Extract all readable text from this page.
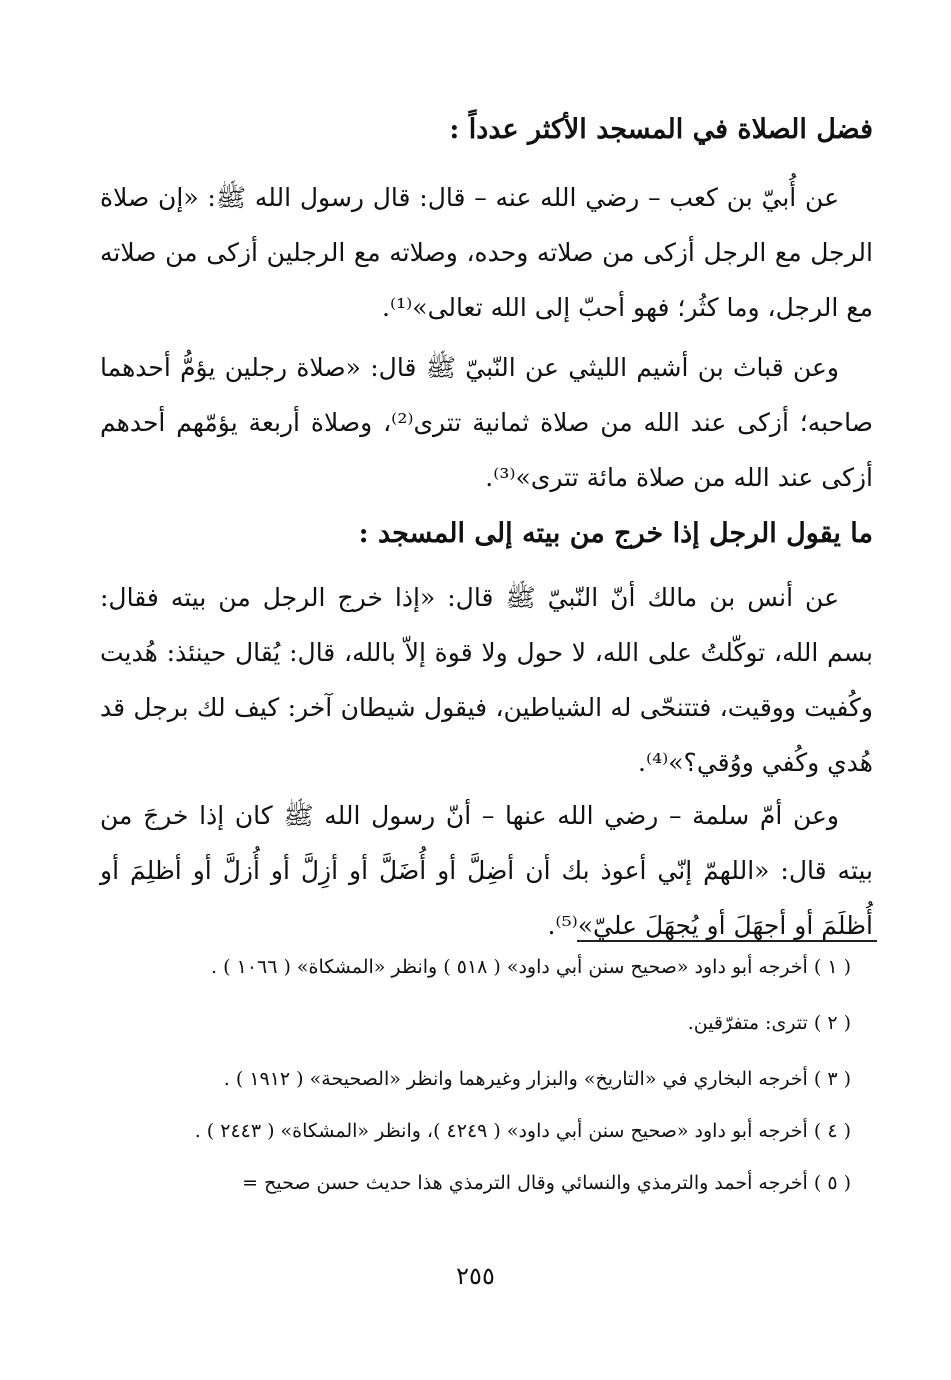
فضل الصلاة في المسجد الأكثر عدداً :
عن أُبيّ بن كعب – رضي الله عنه – قال: قال رسول الله ﷺ: «إن صلاة الرجل مع الرجل أزكى من صلاته وحده، وصلاته مع الرجلين أزكى من صلاته مع الرجل، وما كثُر؛ فهو أحبّ إلى الله تعالى»⁽¹⁾.
وعن قباث بن أشيم الليثي عن النّبيّ ﷺ قال: «صلاة رجلين يؤمُّ أحدهما صاحبه؛ أزكى عند الله من صلاة ثمانية تترى⁽²⁾، وصلاة أربعة يؤمّهم أحدهم أزكى عند الله من صلاة مائة تترى»⁽³⁾.
ما يقول الرجل إذا خرج من بيته إلى المسجد :
عن أنس بن مالك أنّ النّبيّ ﷺ قال: «إذا خرج الرجل من بيته فقال: بسم الله، توكّلتُ على الله، لا حول ولا قوة إلاّ بالله، قال: يُقال حينئذ: هُديت وكُفيت ووقيت، فتتنحّى له الشياطين، فيقول شيطان آخر: كيف لك برجل قد هُدي وكُفي ووُقي؟»⁽⁴⁾.
وعن أمّ سلمة – رضي الله عنها – أنّ رسول الله ﷺ كان إذا خرجَ من بيته قال: «اللهمّ إنّي أعوذ بك أن أضِلَّ أو أُضَلَّ أو أزِلَّ أو أُزلَّ أو أظلِمَ أو أُظلَمَ أو أجهَلَ أو يُجهَلَ عليّ»⁽⁵⁾.
( ١ ) أخرجه أبو داود «صحيح سنن أبي داود» ( ٥١٨ ) وانظر «المشكاة» ( ١٠٦٦ ) .
( ٢ ) تترى: متفرّقين.
( ٣ ) أخرجه البخاري في «التاريخ» والبزار وغيرهما وانظر «الصحيحة» ( ١٩١٢ ) .
( ٤ ) أخرجه أبو داود «صحيح سنن أبي داود» ( ٤٢٤٩ )، وانظر «المشكاة» ( ٢٤٤٣ ) .
( ٥ ) أخرجه أحمد والترمذي والنسائي وقال الترمذي هذا حديث حسن صحيح =
٢٥٥
